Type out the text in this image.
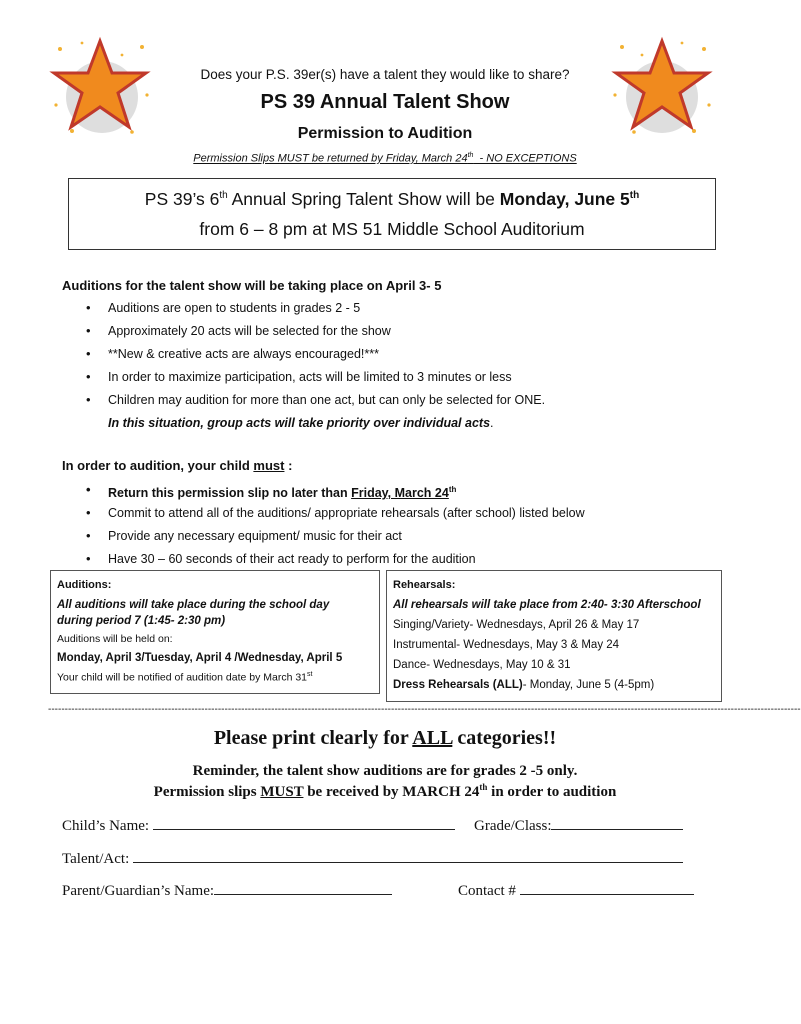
Does your P.S. 39er(s) have a talent they would like to share?
PS 39 Annual Talent Show
Permission to Audition
Permission Slips MUST be returned by Friday, March 24th  - NO EXCEPTIONS
PS 39’s 6th Annual Spring Talent Show will be Monday, June 5th
from 6 – 8 pm at MS 51 Middle School Auditorium
Auditions for the talent show will be taking place on April 3- 5
• Auditions are open to students in grades 2 - 5
• Approximately 20 acts will be selected for the show
• **New & creative acts are always encouraged!***
• In order to maximize participation, acts will be limited to 3 minutes or less
• Children may audition for more than one act, but can only be selected for ONE.
In this situation, group acts will take priority over individual acts.
In order to audition, your child must :
• Return this permission slip no later than Friday, March 24th
• Commit to attend all of the auditions/ appropriate rehearsals (after school) listed below
• Provide any necessary equipment/ music for their act
• Have 30 – 60 seconds of their act ready to perform for the audition
Auditions:
All auditions will take place during the school day
during period 7 (1:45- 2:30 pm)
Auditions will be held on:
Monday, April 3/Tuesday, April 4 /Wednesday, April 5
Your child will be notified of audition date by March 31st
Rehearsals:
All rehearsals will take place from 2:40- 3:30 Afterschool
Singing/Variety- Wednesdays, April 26 & May 17
Instrumental- Wednesdays, May 3 & May 24
Dance- Wednesdays, May 10 & 31
Dress Rehearsals (ALL)- Monday, June 5 (4-5pm)
----------------------------------------------------------------------------------------------------------------------------------------------------------------------------------------------------------------------------------
Please print clearly for ALL categories!!
Reminder, the talent show auditions are for grades 2 -5 only.
Permission slips MUST be received by MARCH 24th in order to audition
Child’s Name:	Grade/Class:
Talent/Act:
Parent/Guardian’s Name:	Contact #
